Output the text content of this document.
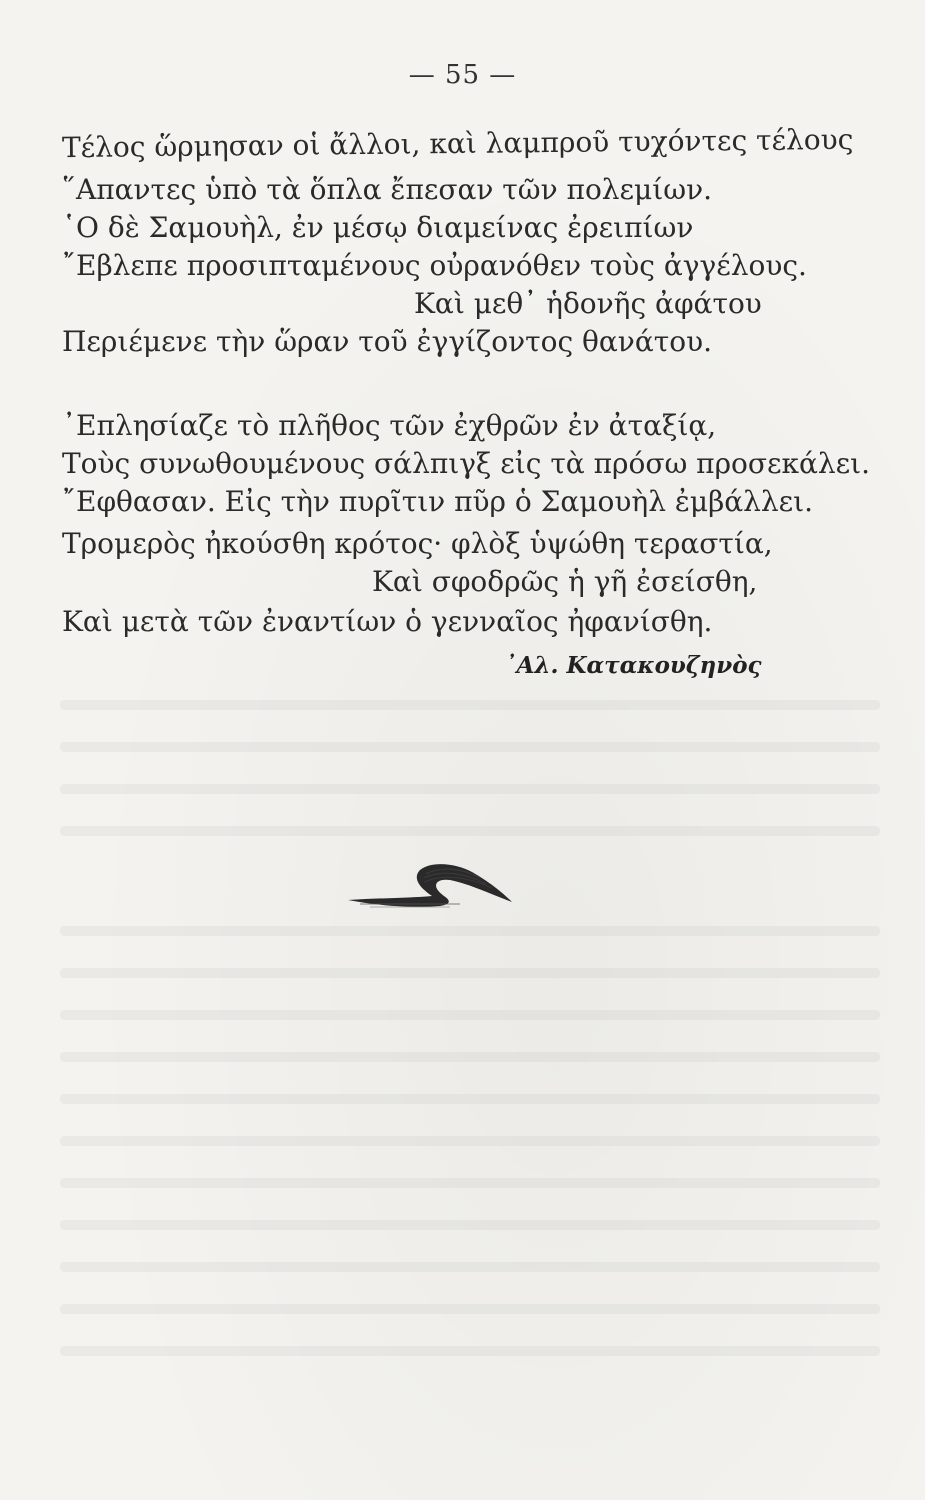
— 55 —
Τέλος ὥρμησαν οἱ ἄλλοι, καὶ λαμπροῦ τυχόντες τέλους
῞Απαντες ὑπὸ τὰ ὅπλα ἔπεσαν τῶν πολεμίων.
῾Ο δὲ Σαμουὴλ, ἐν μέσῳ διαμείνας ἐρειπίων
῎Εβλεπε προσιπταμένους οὐρανόθεν τοὺς ἀγγέλους.
Καὶ μεθ᾽ ἡδονῆς ἀφάτου
Περιέμενε τὴν ὥραν τοῦ ἐγγίζοντος θανάτου.
᾽Επλησίαζε τὸ πλῆθος τῶν ἐχθρῶν ἐν ἀταξίᾳ,
Τοὺς συνωθουμένους σάλπιγξ εἰς τὰ πρόσω προσεκάλει.
῎Εφθασαν. Εἰς τὴν πυρῖτιν πῦρ ὁ Σαμουὴλ ἐμβάλλει.
Τρομερὸς ἠκούσθη κρότος· φλὸξ ὑψώθη τεραστία,
Καὶ σφοδρῶς ἡ γῆ ἐσείσθη,
Καὶ μετὰ τῶν ἐναντίων ὁ γενναῖος ἠφανίσθη.
᾽Αλ. Κατακουζηνὸς
